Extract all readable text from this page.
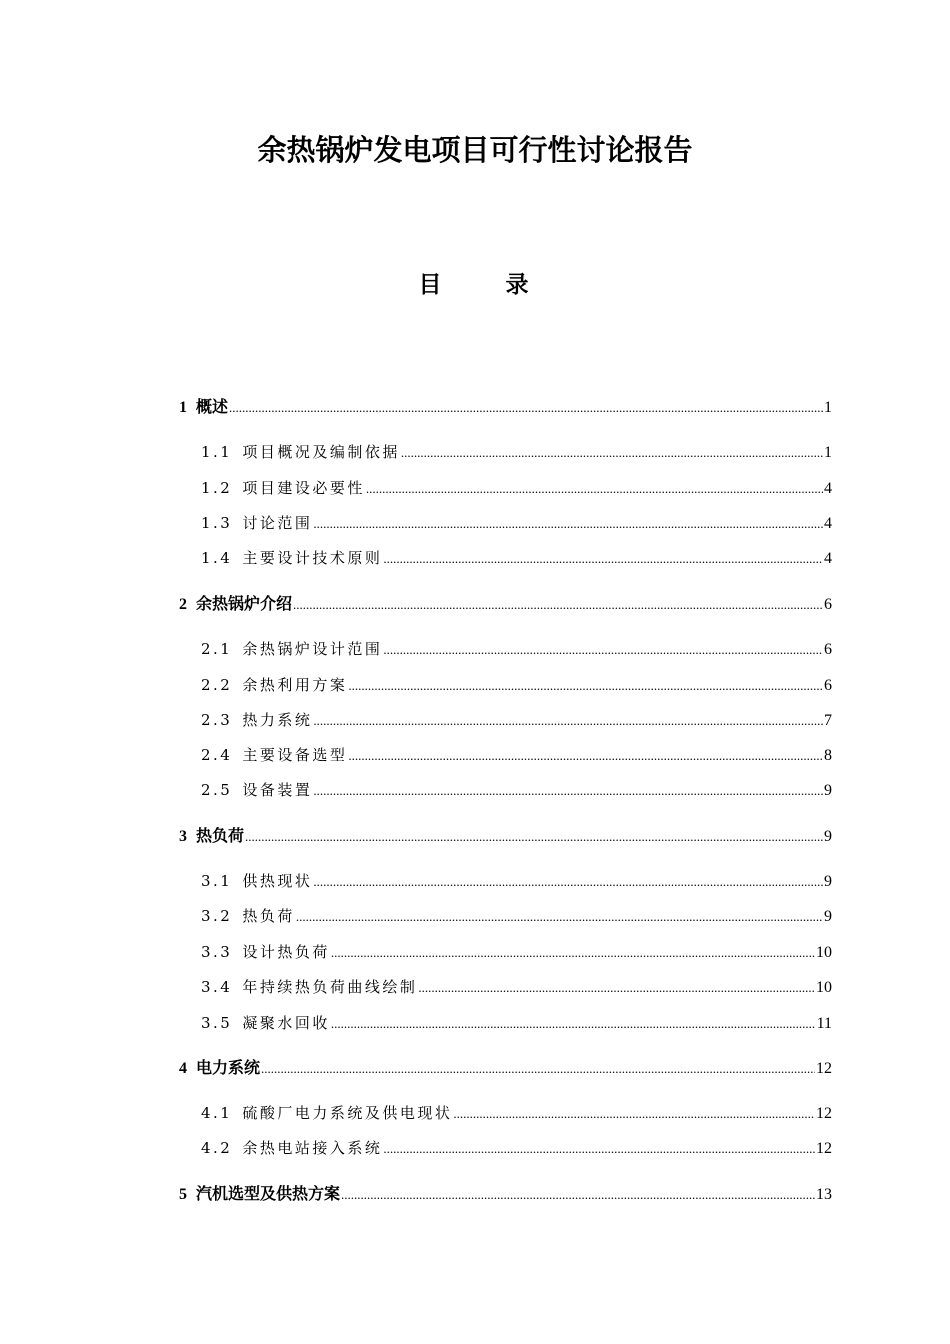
余热锅炉发电项目可行性讨论报告
目 录
1 概述 .....	1
1.1 项目概况及编制依据 .....	1
1.2 项目建设必要性 .....	4
1.3 讨论范围 .....	4
1.4 主要设计技术原则 .....	4
2 余热锅炉介绍 .....	6
2.1 余热锅炉设计范围 .....	6
2.2 余热利用方案 .....	6
2.3 热力系统 .....	7
2.4 主要设备选型 .....	8
2.5 设备装置 .....	9
3 热负荷 .....	9
3.1 供热现状 .....	9
3.2 热负荷 .....	9
3.3 设计热负荷 .....	10
3.4 年持续热负荷曲线绘制 .....	10
3.5 凝聚水回收 .....	11
4 电力系统 .....	12
4.1 硫酸厂电力系统及供电现状 .....	12
4.2 余热电站接入系统 .....	12
5 汽机选型及供热方案 .....	13
